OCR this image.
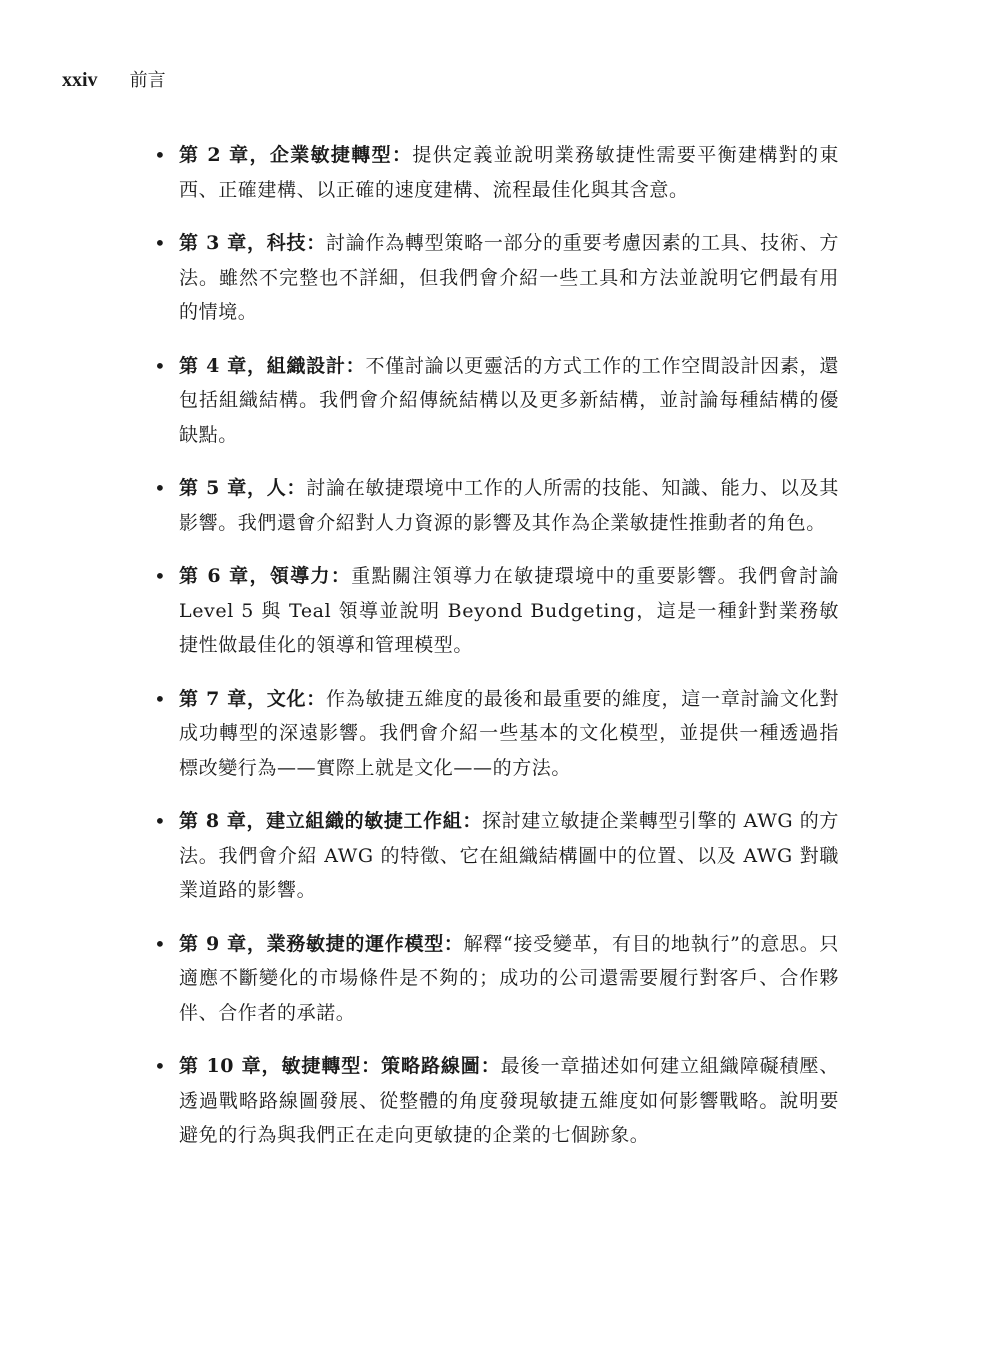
xxiv 前言
• 第 2 章，企業敏捷轉型：提供定義並說明業務敏捷性需要平衡建構對的東西、正確建構、以正確的速度建構、流程最佳化與其含意。
• 第 3 章，科技：討論作為轉型策略一部分的重要考慮因素的工具、技術、方法。雖然不完整也不詳細，但我們會介紹一些工具和方法並說明它們最有用的情境。
• 第 4 章，組織設計：不僅討論以更靈活的方式工作的工作空間設計因素，還包括組織結構。我們會介紹傳統結構以及更多新結構，並討論每種結構的優缺點。
• 第 5 章，人：討論在敏捷環境中工作的人所需的技能、知識、能力、以及其影響。我們還會介紹對人力資源的影響及其作為企業敏捷性推動者的角色。
• 第 6 章，領導力：重點關注領導力在敏捷環境中的重要影響。我們會討論 Level 5 與 Teal 領導並說明 Beyond Budgeting，這是一種針對業務敏捷性做最佳化的領導和管理模型。
• 第 7 章，文化：作為敏捷五維度的最後和最重要的維度，這一章討論文化對成功轉型的深遠影響。我們會介紹一些基本的文化模型，並提供一種透過指標改變行為——實際上就是文化——的方法。
• 第 8 章，建立組織的敏捷工作組：探討建立敏捷企業轉型引擎的 AWG 的方法。我們會介紹 AWG 的特徵、它在組織結構圖中的位置、以及 AWG 對職業道路的影響。
• 第 9 章，業務敏捷的運作模型：解釋“接受變革，有目的地執行”的意思。只適應不斷變化的市場條件是不夠的；成功的公司還需要履行對客戶、合作夥伴、合作者的承諾。
• 第 10 章，敏捷轉型：策略路線圖：最後一章描述如何建立組織障礙積壓、透過戰略路線圖發展、從整體的角度發現敏捷五維度如何影響戰略。說明要避免的行為與我們正在走向更敏捷的企業的七個跡象。
